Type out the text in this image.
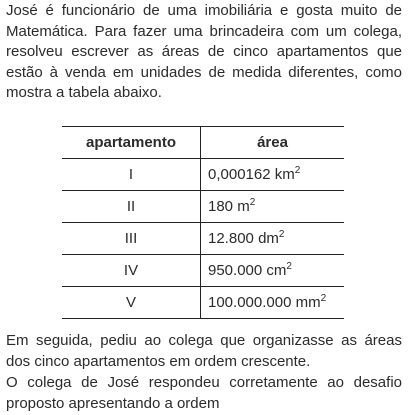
José é funcionário de uma imobiliária e gosta muito de Matemática. Para fazer uma brincadeira com um colega, resolveu escrever as áreas de cinco apartamentos que estão à venda em unidades de medida diferentes, como mostra a tabela abaixo.

apartamento	área
I	0,000162 $km^2$
II	180 $m^2$
III	12.800 $dm^2$
IV	950.000 $cm^2$
V	100.000.000 $mm^2$

Em seguida, pediu ao colega que organizasse as áreas dos cinco apartamentos em ordem crescente.

O colega de José respondeu corretamente ao desafio proposto apresentando a ordem
